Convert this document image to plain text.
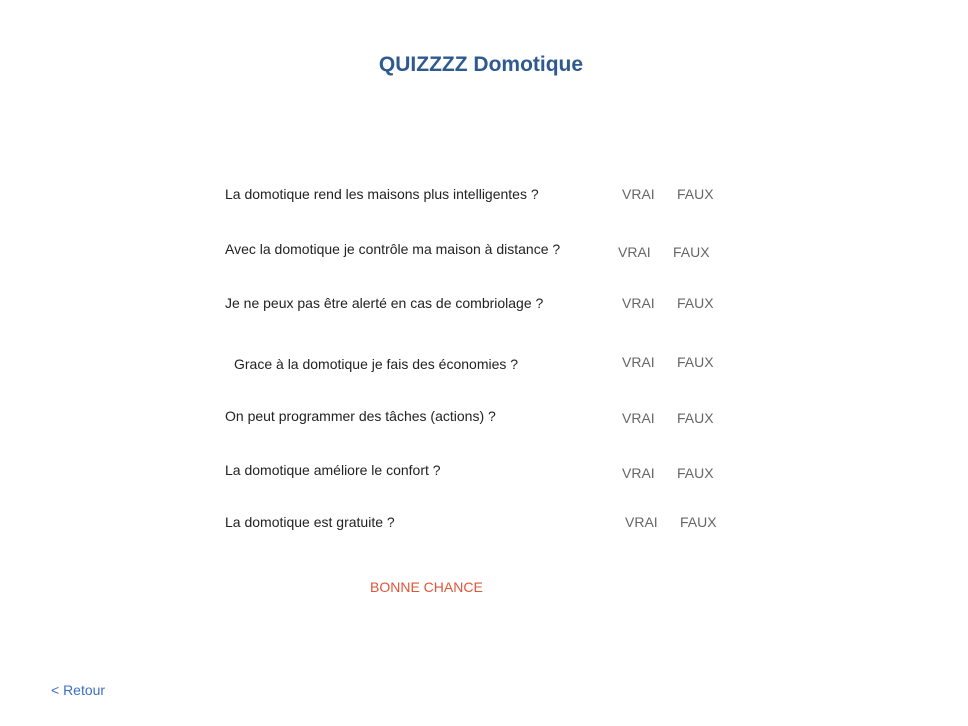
QUIZZZZ Domotique
La domotique rend les maisons plus intelligentes ?	VRAI FAUX
Avec la domotique je contrôle ma maison à distance ?	VRAI FAUX
Je ne peux pas être alerté en cas de combriolage ?	VRAI FAUX
Grace à la domotique je fais des économies ?	VRAI FAUX
On peut programmer des tâches (actions) ?	VRAI FAUX
La domotique améliore le confort ?	VRAI FAUX
La domotique est gratuite ?	VRAI FAUX
BONNE CHANCE
< Retour
